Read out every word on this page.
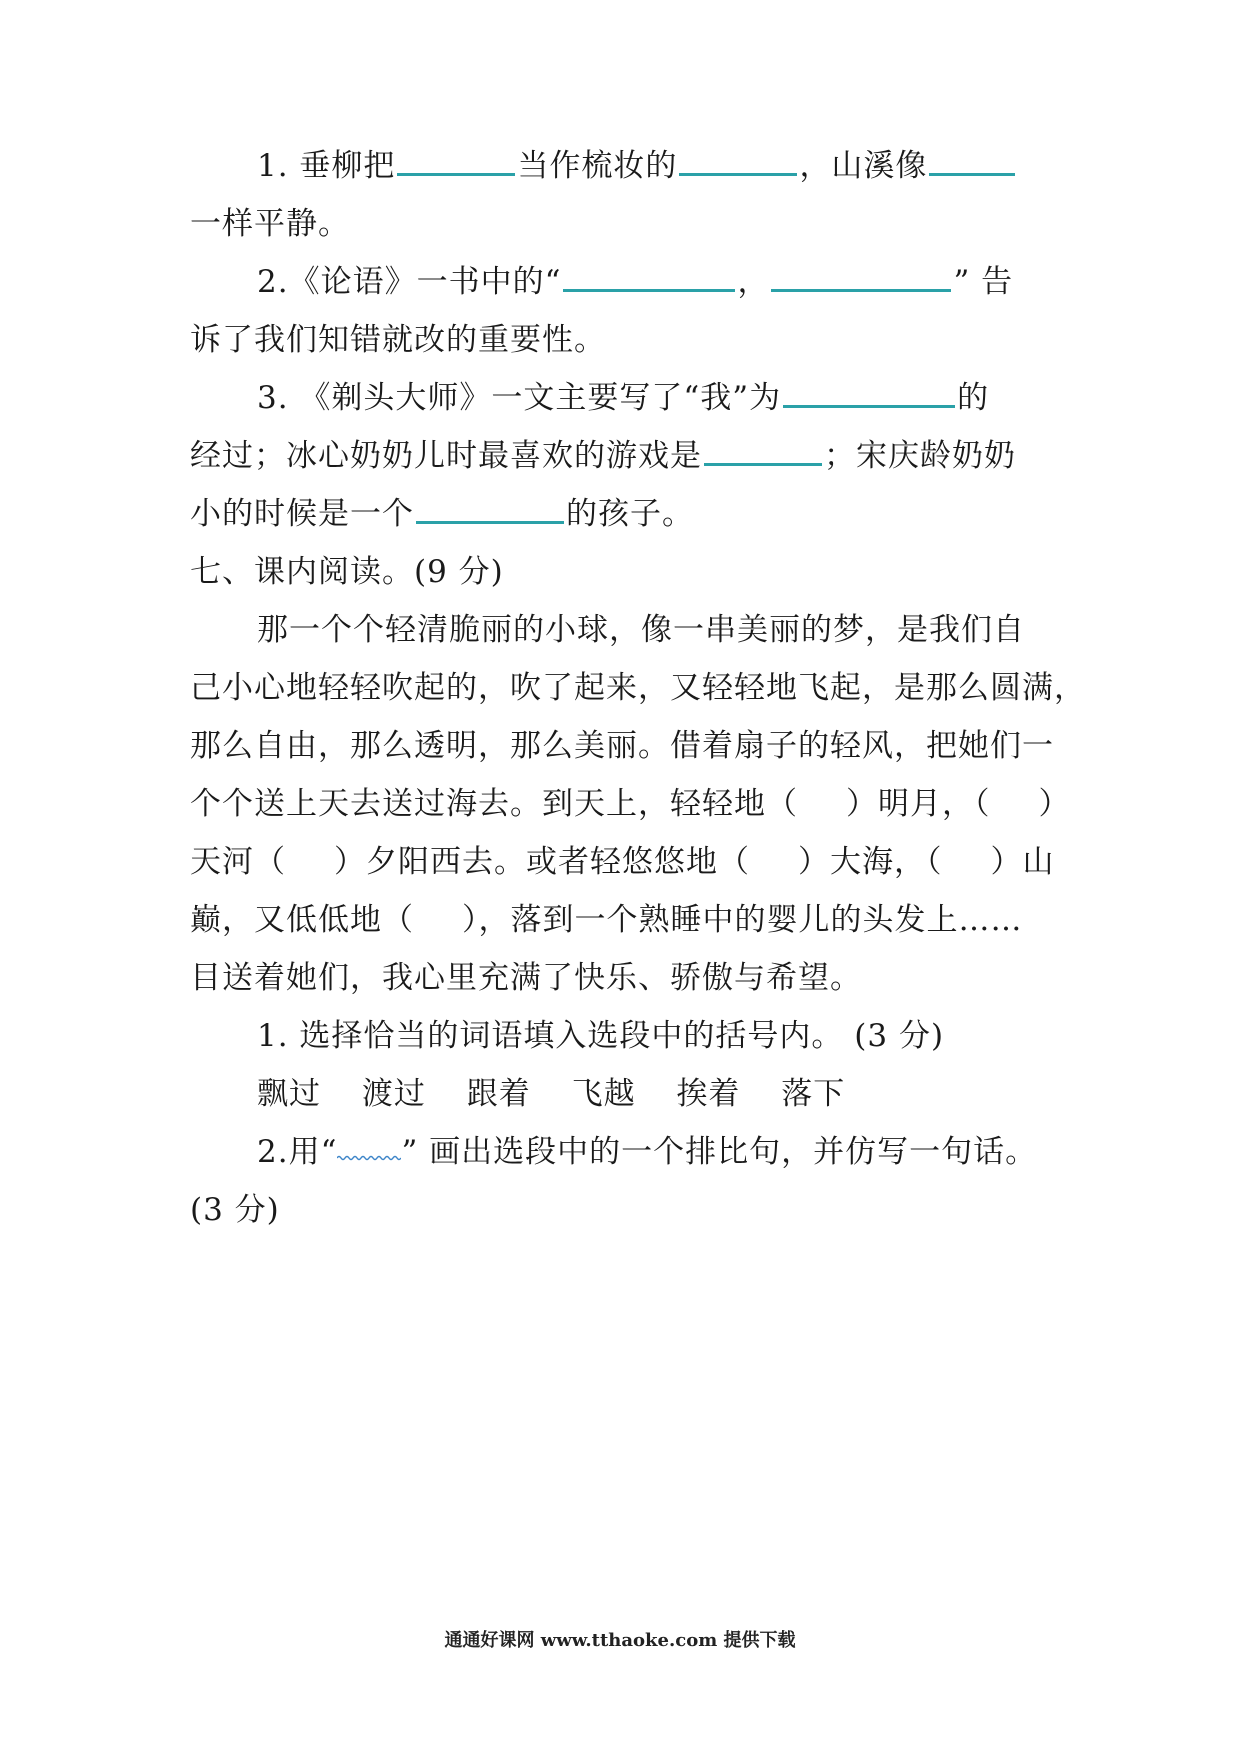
1. 垂柳把	当作梳妆的	，山溪像
一样平静。
2.《论语》一书中的“	，	” 告
诉了我们知错就改的重要性。
3. 《剃头大师》一文主要写了“我”为	的
经过；冰心奶奶儿时最喜欢的游戏是	；宋庆龄奶奶
小的时候是一个	的孩子。
七、课内阅读。(9 分)
那一个个轻清脆丽的小球，像一串美丽的梦，是我们自
己小心地轻轻吹起的，吹了起来，又轻轻地飞起，是那么圆满，
那么自由，那么透明，那么美丽。借着扇子的轻风，把她们一
个个送上天去送过海去。到天上，轻轻地（ ）明月，（ ）
天河（ ）夕阳西去。或者轻悠悠地（ ）大海，（ ）山
巅，又低低地（ ），落到一个熟睡中的婴儿的头发上……
目送着她们，我心里充满了快乐、骄傲与希望。
1. 选择恰当的词语填入选段中的括号内。 (3 分)
飘过 渡过 跟着 飞越 挨着 落下
2.用“ ” 画出选段中的一个排比句，并仿写一句话。
(3 分)
通通好课网 www.tthaoke.com 提供下载
